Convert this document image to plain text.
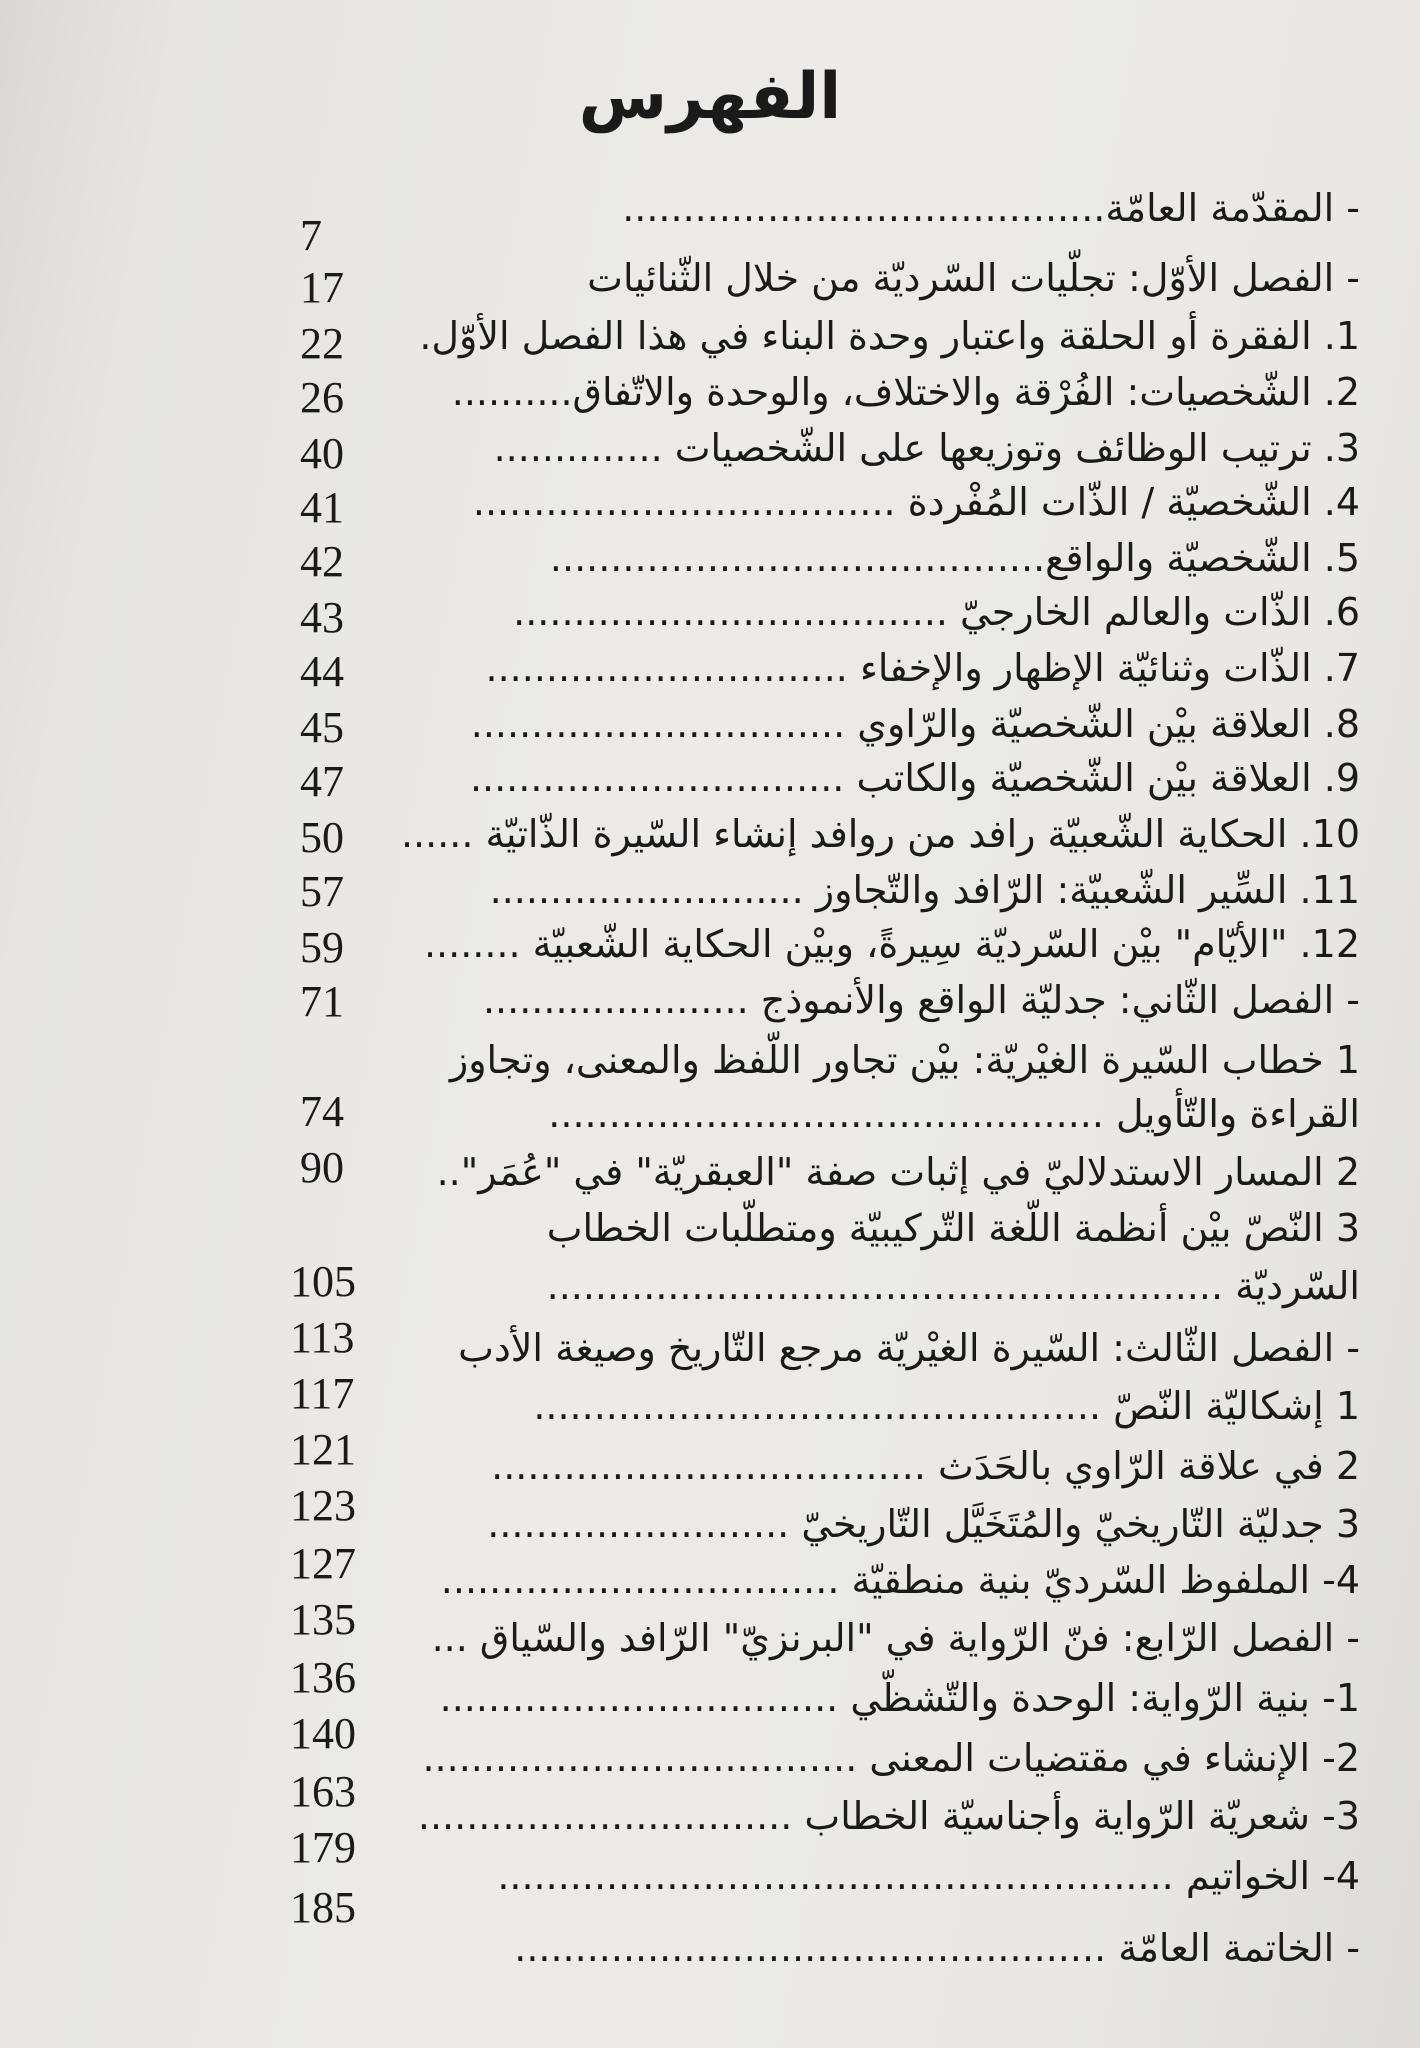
الفهرس
- المقدّمة العامّة........................................
7
- الفصل الأوّل: تجلّيات السّرديّة من خلال الثّنائيات
17
1. الفقرة أو الحلقة واعتبار وحدة البناء في هذا الفصل الأوّل.
22
2. الشّخصيات: الفُرْقة والاختلاف، والوحدة والاتّفاق..........
26
3. ترتيب الوظائف وتوزيعها على الشّخصيات ..............
40
4. الشّخصيّة / الذّات المُفْردة ...................................
41
5. الشّخصيّة والواقع.........................................
42
6. الذّات والعالم الخارجيّ ....................................
43
7. الذّات وثنائيّة الإظهار والإخفاء ..............................
44
8. العلاقة بيْن الشّخصيّة والرّاوي ...............................
45
9. العلاقة بيْن الشّخصيّة والكاتب ...............................
47
10. الحكاية الشّعبيّة رافد من روافد إنشاء السّيرة الذّاتيّة ......
50
11. السِّير الشّعبيّة: الرّافد والتّجاوز ..........................
57
12. "الأيّام" بيْن السّرديّة سِيرةً، وبيْن الحكاية الشّعبيّة ........
59
- الفصل الثّاني: جدليّة الواقع والأنموذج ......................
71
1 خطاب السّيرة الغيْريّة: بيْن تجاور اللّفظ والمعنى، وتجاوز
القراءة والتّأويل ..............................................
74
2 المسار الاستدلاليّ في إثبات صفة "العبقريّة" في "عُمَر"..
90
3 النّصّ بيْن أنظمة اللّغة التّركيبيّة ومتطلّبات الخطاب
السّرديّة ........................................................
105
- الفصل الثّالث: السّيرة الغيْريّة مرجع التّاريخ وصيغة الأدب
113
1 إشكاليّة النّصّ ...............................................
117
2 في علاقة الرّاوي بالحَدَث ....................................
121
3 جدليّة التّاريخيّ والمُتَخَيَّل التّاريخيّ .........................
123
4- الملفوظ السّرديّ بنية منطقيّة .................................
127
- الفصل الرّابع: فنّ الرّواية في "البرنزيّ" الرّافد والسّياق ...
135
1- بنية الرّواية: الوحدة والتّشظّي .................................
136
2- الإنشاء في مقتضيات المعنى ....................................
140
3- شعريّة الرّواية وأجناسيّة الخطاب ...............................
163
4- الخواتيم ........................................................
179
- الخاتمة العامّة .................................................
185
